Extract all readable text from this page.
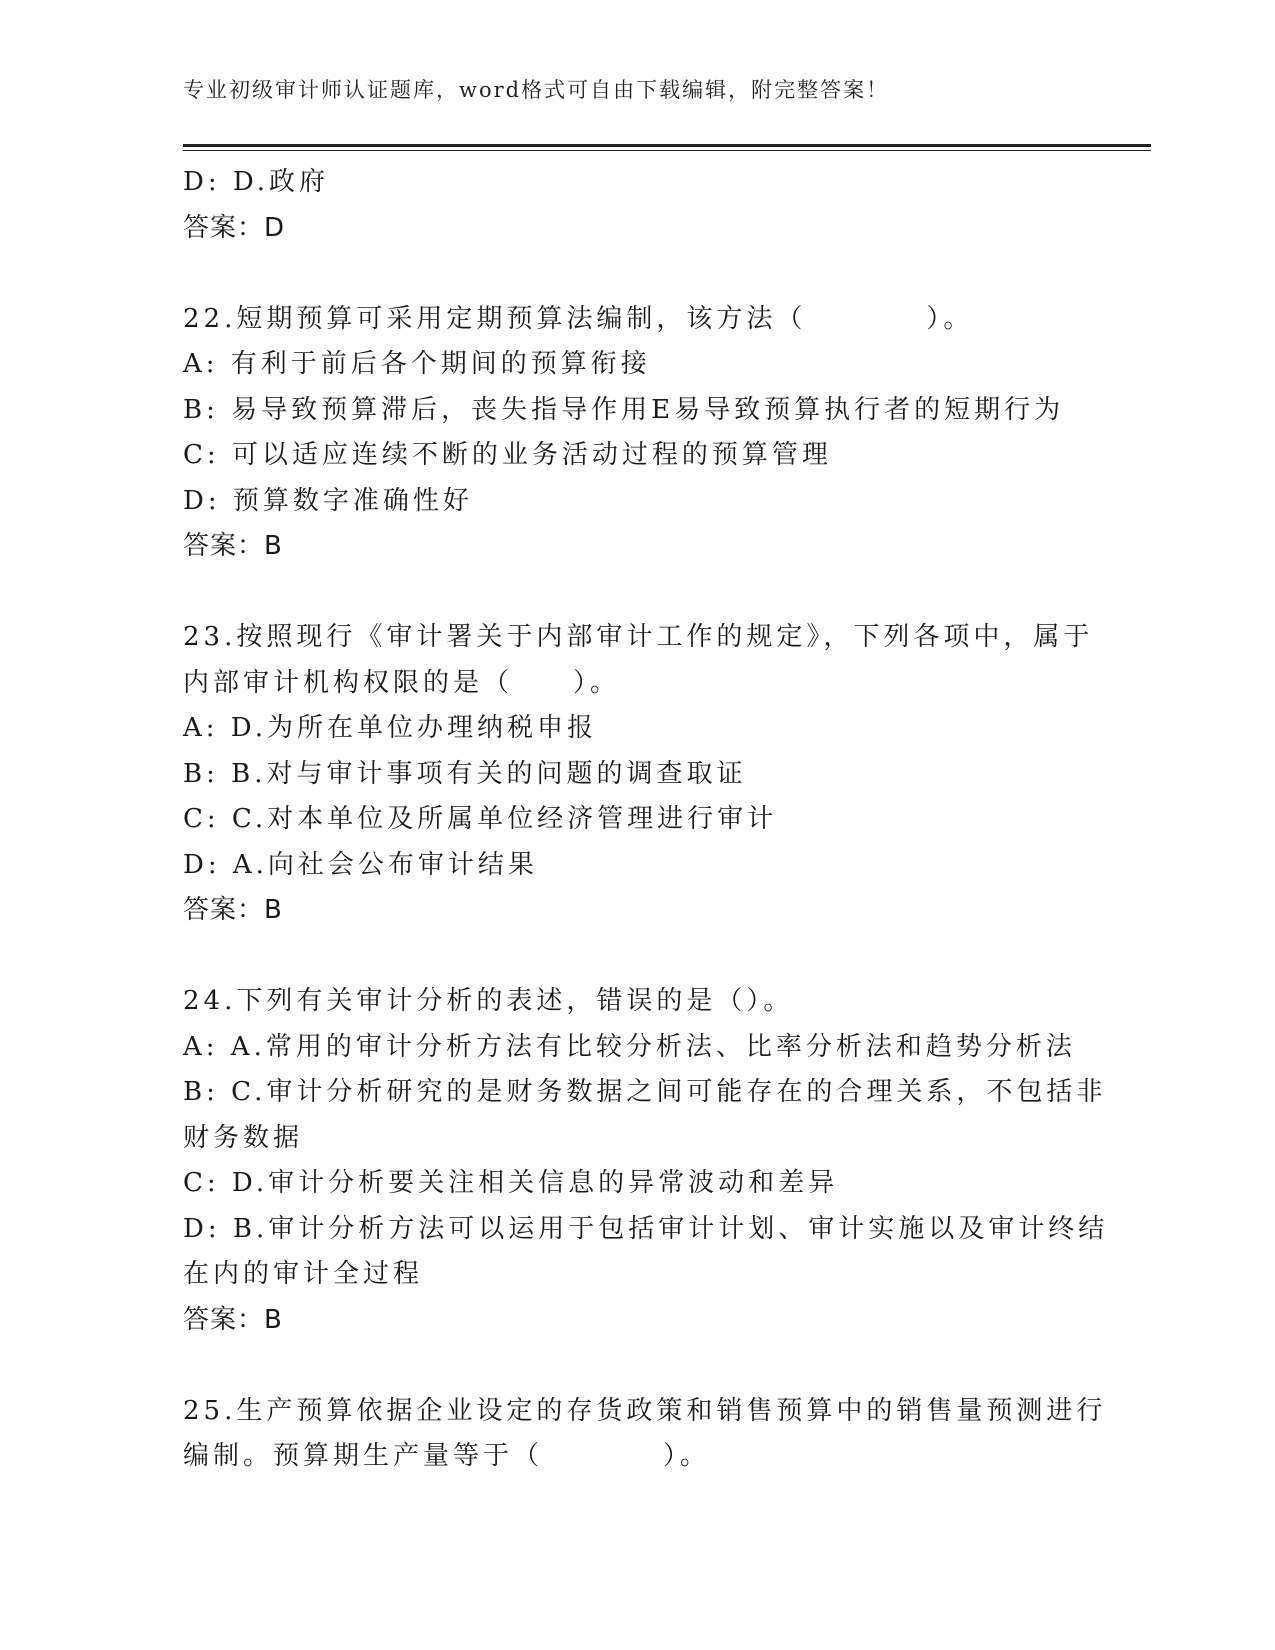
专业初级审计师认证题库，word格式可自由下载编辑，附完整答案！
D: D.政府
答案：D
22.短期预算可采用定期预算法编制，该方法（　　　　）。
A: 有利于前后各个期间的预算衔接
B: 易导致预算滞后，丧失指导作用E易导致预算执行者的短期行为
C: 可以适应连续不断的业务活动过程的预算管理
D: 预算数字准确性好
答案：B
23.按照现行《审计署关于内部审计工作的规定》，下列各项中，属于
内部审计机构权限的是（　　）。
A: D.为所在单位办理纳税申报
B: B.对与审计事项有关的问题的调查取证
C: C.对本单位及所属单位经济管理进行审计
D: A.向社会公布审计结果
答案：B
24.下列有关审计分析的表述，错误的是（）。
A: A.常用的审计分析方法有比较分析法、比率分析法和趋势分析法
B: C.审计分析研究的是财务数据之间可能存在的合理关系，不包括非
财务数据
C: D.审计分析要关注相关信息的异常波动和差异
D: B.审计分析方法可以运用于包括审计计划、审计实施以及审计终结
在内的审计全过程
答案：B
25.生产预算依据企业设定的存货政策和销售预算中的销售量预测进行
编制。预算期生产量等于（　　　　）。
